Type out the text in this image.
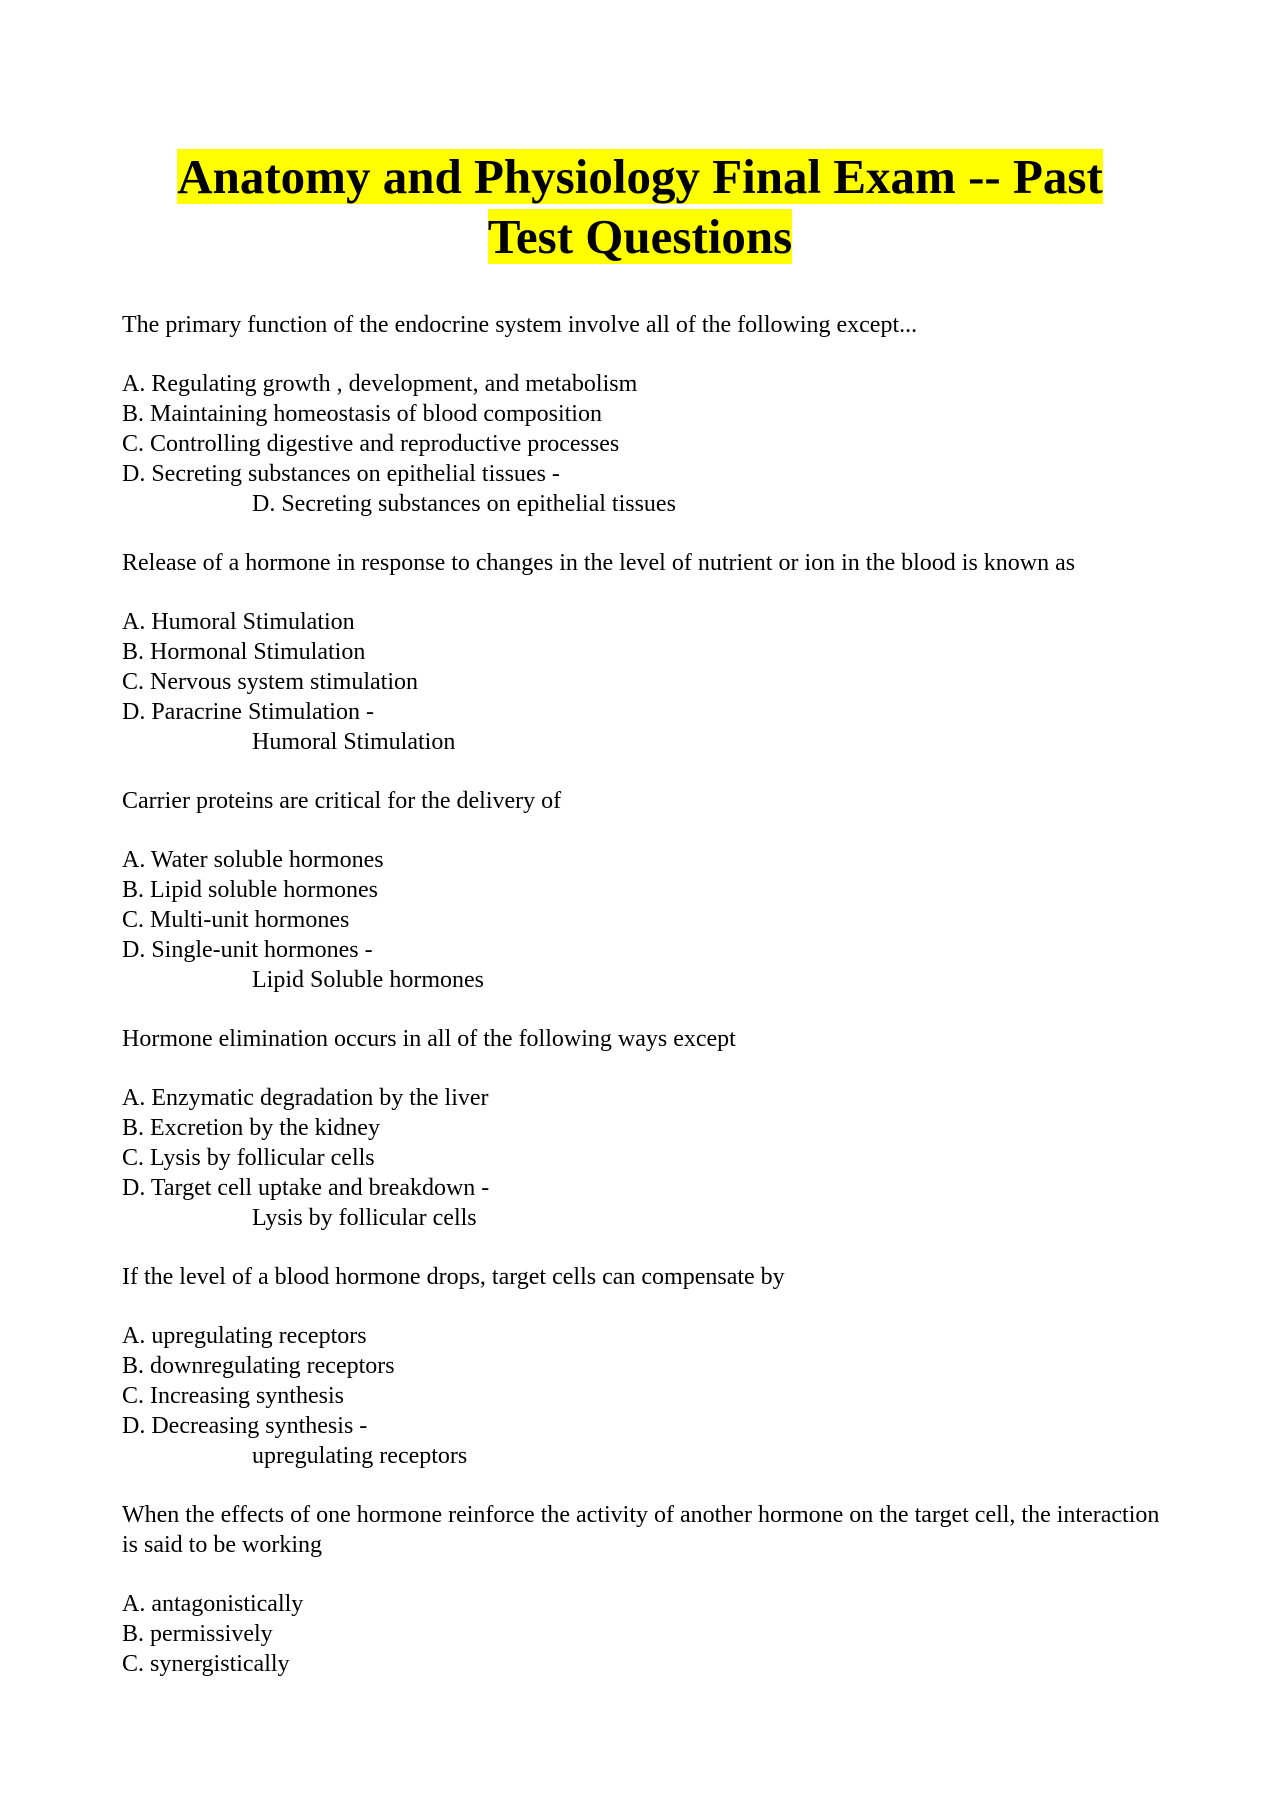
Anatomy and Physiology Final Exam -- Past Test Questions

The primary function of the endocrine system involve all of the following except...

A. Regulating growth , development, and metabolism

B. Maintaining homeostasis of blood composition

C. Controlling digestive and reproductive processes

D. Secreting substances on epithelial tissues -

D. Secreting substances on epithelial tissues

Release of a hormone in response to changes in the level of nutrient or ion in the blood is known as

A. Humoral Stimulation

B. Hormonal Stimulation

C. Nervous system stimulation

D. Paracrine Stimulation -

Humoral Stimulation

Carrier proteins are critical for the delivery of

A. Water soluble hormones

B. Lipid soluble hormones

C. Multi-unit hormones

D. Single-unit hormones -

Lipid Soluble hormones

Hormone elimination occurs in all of the following ways except

A. Enzymatic degradation by the liver

B. Excretion by the kidney

C. Lysis by follicular cells

D. Target cell uptake and breakdown -

Lysis by follicular cells

If the level of a blood hormone drops, target cells can compensate by

A. upregulating receptors

B. downregulating receptors

C. Increasing synthesis

D. Decreasing synthesis -

upregulating receptors

When the effects of one hormone reinforce the activity of another hormone on the target cell, the interaction is said to be working

A. antagonistically

B. permissively

C. synergistically
